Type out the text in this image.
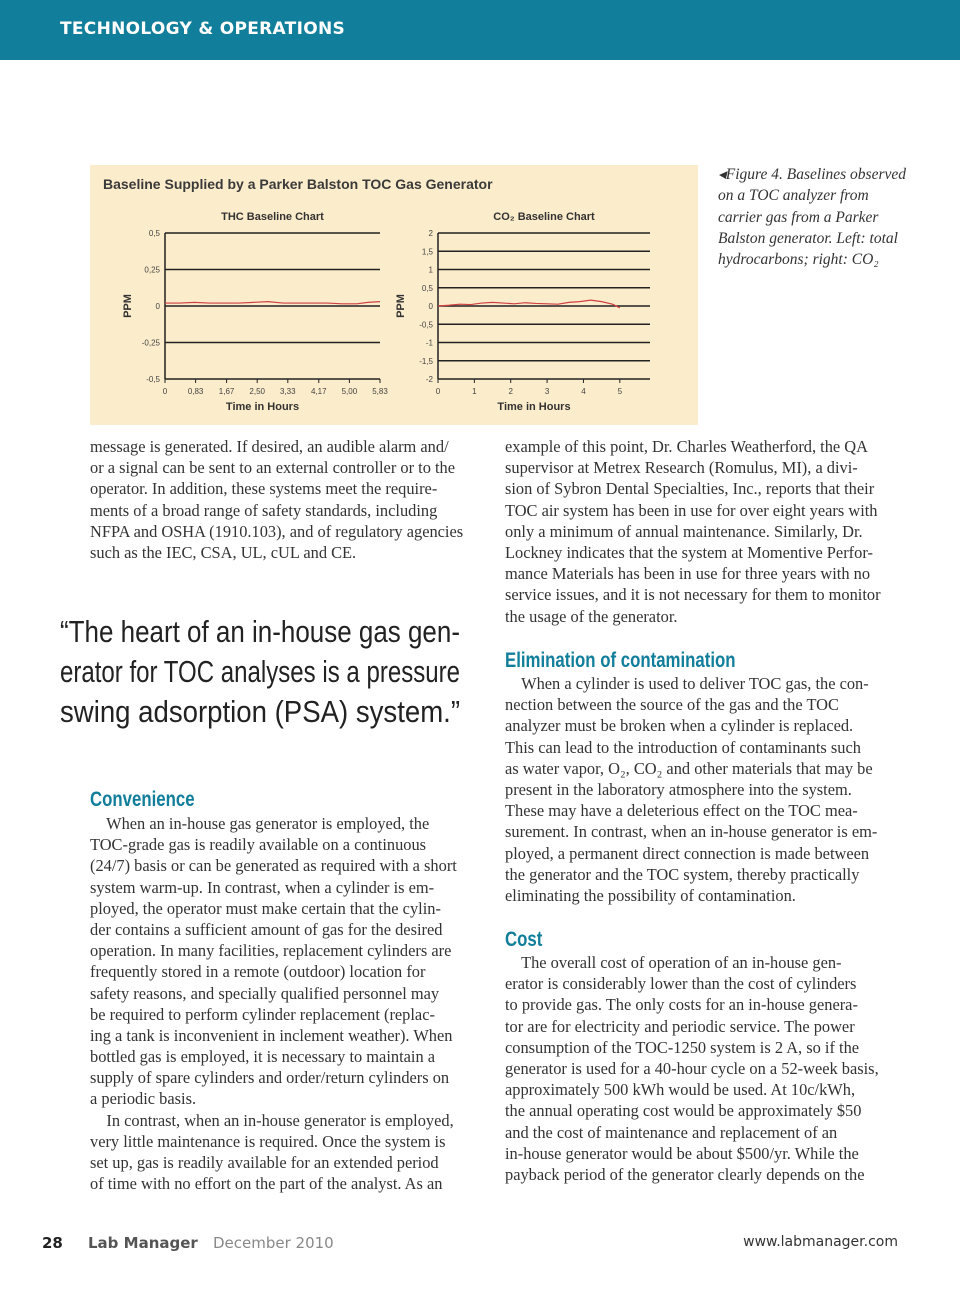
TECHNOLOGY & OPERATIONS
Baseline Supplied by a Parker Balston TOC Gas Generator
THC Baseline Chart
0,5
0,25
0
-0,25
-0,5
0	0,83 1,67 2,50 3,33 4,17 5,00 5,83
Time in Hours
PPM
CO₂ Baseline Chart
2
1,5
1
0,5
0
-0,5
-1
-1,5
-2
0	1	2	3	4	5
Time in Hours
PPM
◂Figure 4. Baselines observed
on a TOC analyzer from
carrier gas from a Parker
Balston generator. Left: total
hydrocarbons; right: CO₂
message is generated. If desired, an audible alarm and/
or a signal can be sent to an external controller or to the
operator. In addition, these systems meet the require-
ments of a broad range of safety standards, including
NFPA and OSHA (1910.103), and of regulatory agencies
such as the IEC, CSA, UL, cUL and CE.
“The heart of an in-house gas gen-
erator for TOC analyses is a pressure
swing adsorption (PSA) system.”
Convenience
When an in-house gas generator is employed, the
TOC-grade gas is readily available on a continuous
(24/7) basis or can be generated as required with a short
system warm-up. In contrast, when a cylinder is em-
ployed, the operator must make certain that the cylin-
der contains a sufficient amount of gas for the desired
operation. In many facilities, replacement cylinders are
frequently stored in a remote (outdoor) location for
safety reasons, and specially qualified personnel may
be required to perform cylinder replacement (replac-
ing a tank is inconvenient in inclement weather). When
bottled gas is employed, it is necessary to maintain a
supply of spare cylinders and order/return cylinders on
a periodic basis.
In contrast, when an in-house generator is employed,
very little maintenance is required. Once the system is
set up, gas is readily available for an extended period
of time with no effort on the part of the analyst. As an
example of this point, Dr. Charles Weatherford, the QA
supervisor at Metrex Research (Romulus, MI), a divi-
sion of Sybron Dental Specialties, Inc., reports that their
TOC air system has been in use for over eight years with
only a minimum of annual maintenance. Similarly, Dr.
Lockney indicates that the system at Momentive Perfor-
mance Materials has been in use for three years with no
service issues, and it is not necessary for them to monitor
the usage of the generator.
Elimination of contamination
When a cylinder is used to deliver TOC gas, the con-
nection between the source of the gas and the TOC
analyzer must be broken when a cylinder is replaced.
This can lead to the introduction of contaminants such
as water vapor, O₂, CO₂ and other materials that may be
present in the laboratory atmosphere into the system.
These may have a deleterious effect on the TOC mea-
surement. In contrast, when an in-house generator is em-
ployed, a permanent direct connection is made between
the generator and the TOC system, thereby practically
eliminating the possibility of contamination.
Cost
The overall cost of operation of an in-house gen-
erator is considerably lower than the cost of cylinders
to provide gas. The only costs for an in-house genera-
tor are for electricity and periodic service. The power
consumption of the TOC-1250 system is 2 A, so if the
generator is used for a 40-hour cycle on a 52-week basis,
approximately 500 kWh would be used. At 10c/kWh,
the annual operating cost would be approximately $50
and the cost of maintenance and replacement of an
in-house generator would be about $500/yr. While the
payback period of the generator clearly depends on the
28 Lab Manager December 2010	www.labmanager.com
